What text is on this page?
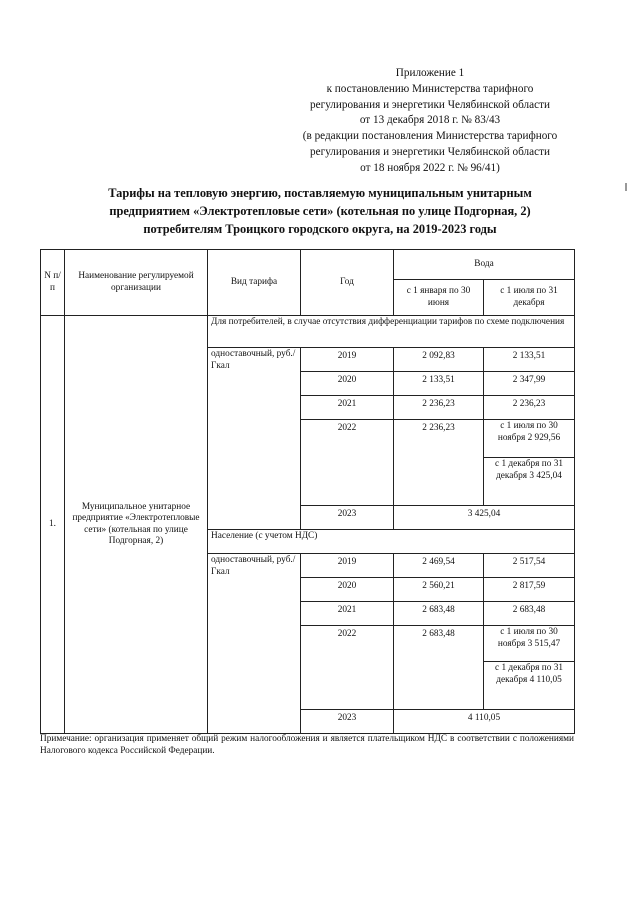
Приложение 1
к постановлению Министерства тарифного
регулирования и энергетики Челябинской области
от 13 декабря 2018 г. № 83/43
(в редакции постановления Министерства тарифного
регулирования и энергетики Челябинской области
от 18 ноября 2022 г. № 96/41)
Тарифы на тепловую энергию, поставляемую муниципальным унитарным
предприятием «Электротепловые сети» (котельная по улице Подгорная, 2)
потребителям Троицкого городского округа, на 2019-2023 годы
N п/п	Наименование регулируемой организации	Вид тарифа	Год	Вода	
				с 1 января по 30 июня	с 1 июля по 31 декабря
1.	Муниципальное унитарное предприятие «Электротепловые сети» (котельная по улице Подгорная, 2)	Для потребителей, в случае отсутствия дифференциации тарифов по схеме подключения			
		одноставочный, руб./Гкал	2019	2 092,83	2 133,51
			2020	2 133,51	2 347,99
			2021	2 236,23	2 236,23
			2022	2 236,23	с 1 июля по 30 ноября 2 929,56
					с 1 декабря по 31 декабря 3 425,04
			2023	3 425,04	
		Население (с учетом НДС)			
		одноставочный, руб./Гкал	2019	2 469,54	2 517,54
			2020	2 560,21	2 817,59
			2021	2 683,48	2 683,48
			2022	2 683,48	с 1 июля по 30 ноября 3 515,47
					с 1 декабря по 31 декабря 4 110,05
			2023	4 110,05	
Примечание: организация применяет общий режим налогообложения и является плательщиком НДС в соответствии с положениями Налогового кодекса Российской Федерации.
